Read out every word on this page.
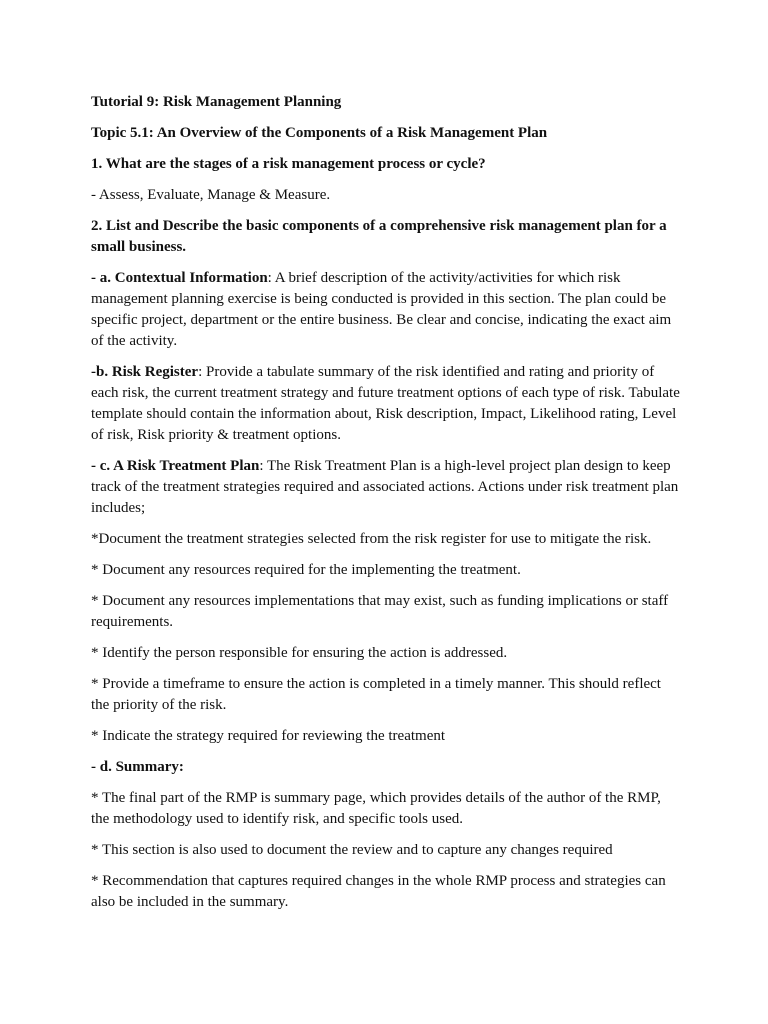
Tutorial 9: Risk Management Planning

Topic 5.1: An Overview of the Components of a Risk Management Plan

1. What are the stages of a risk management process or cycle?

- Assess, Evaluate, Manage & Measure.

2. List and Describe the basic components of a comprehensive risk management plan for a small business.

- a. Contextual Information: A brief description of the activity/activities for which risk management planning exercise is being conducted is provided in this section. The plan could be specific project, department or the entire business. Be clear and concise, indicating the exact aim of the activity.

-b. Risk Register: Provide a tabulate summary of the risk identified and rating and priority of each risk, the current treatment strategy and future treatment options of each type of risk. Tabulate template should contain the information about, Risk description, Impact, Likelihood rating, Level of risk, Risk priority & treatment options.

- c. A Risk Treatment Plan: The Risk Treatment Plan is a high-level project plan design to keep track of the treatment strategies required and associated actions. Actions under risk treatment plan includes;

*Document the treatment strategies selected from the risk register for use to mitigate the risk.

* Document any resources required for the implementing the treatment.

* Document any resources implementations that may exist, such as funding implications or staff requirements.

* Identify the person responsible for ensuring the action is addressed.

* Provide a timeframe to ensure the action is completed in a timely manner. This should reflect the priority of the risk.

* Indicate the strategy required for reviewing the treatment

- d. Summary:

* The final part of the RMP is summary page, which provides details of the author of the RMP, the methodology used to identify risk, and specific tools used.

* This section is also used to document the review and to capture any changes required

* Recommendation that captures required changes in the whole RMP process and strategies can also be included in the summary.
